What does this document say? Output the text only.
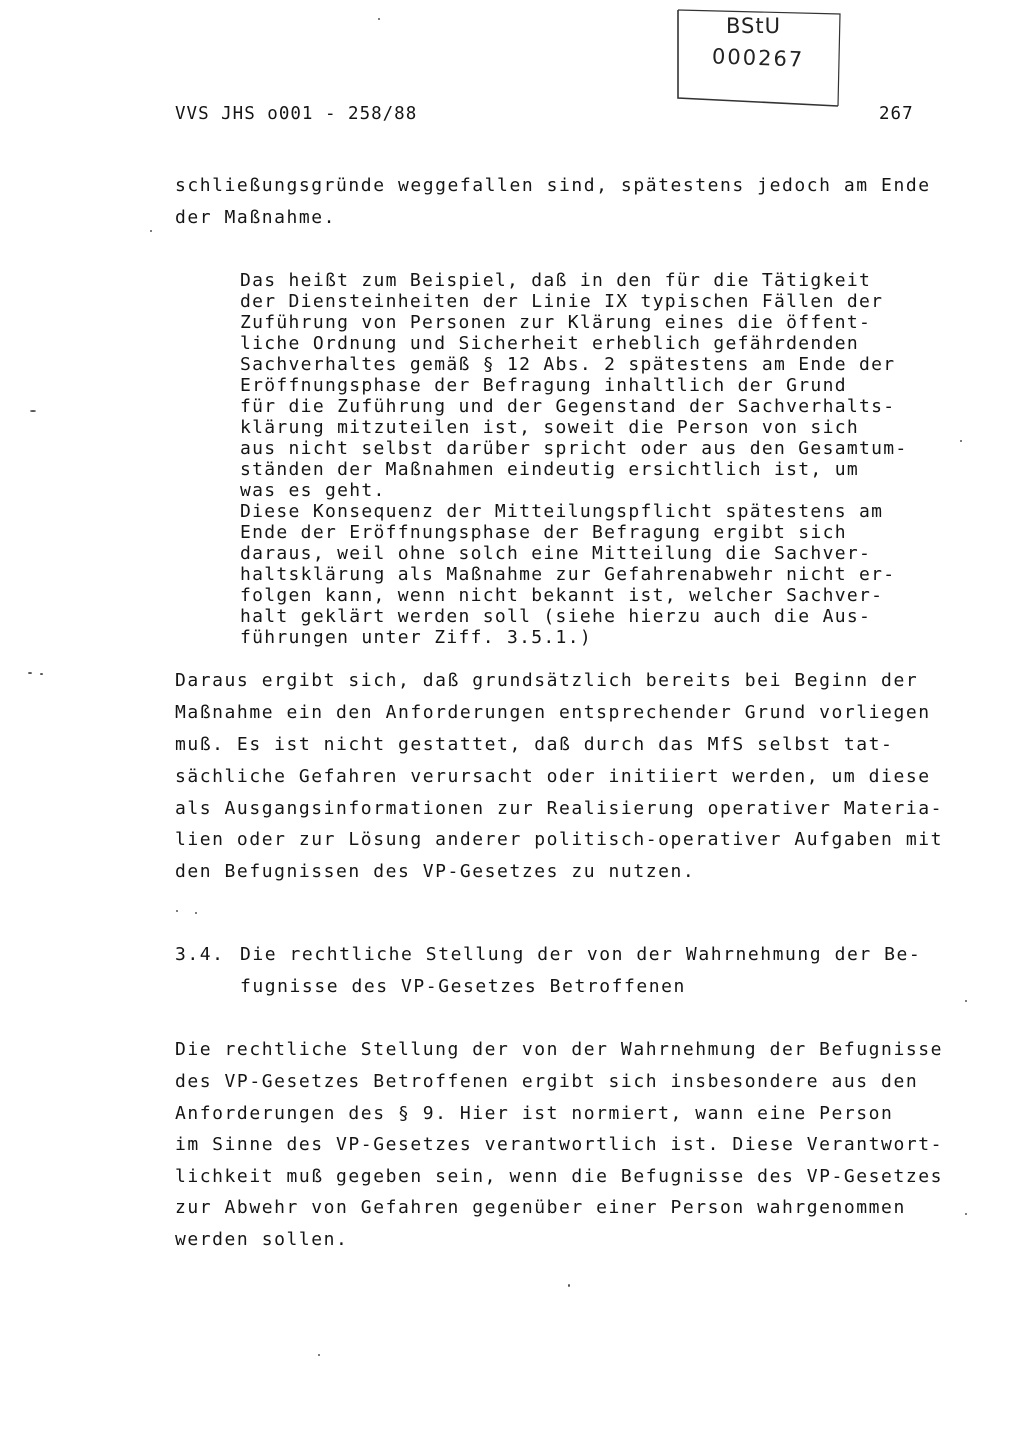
BStU
000267
VVS JHS o001 - 258/88	267
schließungsgründe weggefallen sind, spätestens jedoch am Ende
der Maßnahme.
Das heißt zum Beispiel, daß in den für die Tätigkeit
der Diensteinheiten der Linie IX typischen Fällen der
Zuführung von Personen zur Klärung eines die öffent-
liche Ordnung und Sicherheit erheblich gefährdenden
Sachverhaltes gemäß § 12 Abs. 2 spätestens am Ende der
Eröffnungsphase der Befragung inhaltlich der Grund
für die Zuführung und der Gegenstand der Sachverhalts-
klärung mitzuteilen ist, soweit die Person von sich
aus nicht selbst darüber spricht oder aus den Gesamtum-
ständen der Maßnahmen eindeutig ersichtlich ist, um
was es geht.
Diese Konsequenz der Mitteilungspflicht spätestens am
Ende der Eröffnungsphase der Befragung ergibt sich
daraus, weil ohne solch eine Mitteilung die Sachver-
haltsklärung als Maßnahme zur Gefahrenabwehr nicht er-
folgen kann, wenn nicht bekannt ist, welcher Sachver-
halt geklärt werden soll (siehe hierzu auch die Aus-
führungen unter Ziff. 3.5.1.)
Daraus ergibt sich, daß grundsätzlich bereits bei Beginn der
Maßnahme ein den Anforderungen entsprechender Grund vorliegen
muß. Es ist nicht gestattet, daß durch das MfS selbst tat-
sächliche Gefahren verursacht oder initiiert werden, um diese
als Ausgangsinformationen zur Realisierung operativer Materia-
lien oder zur Lösung anderer politisch-operativer Aufgaben mit
den Befugnissen des VP-Gesetzes zu nutzen.
3.4. Die rechtliche Stellung der von der Wahrnehmung der Be-
fugnisse des VP-Gesetzes Betroffenen
Die rechtliche Stellung der von der Wahrnehmung der Befugnisse
des VP-Gesetzes Betroffenen ergibt sich insbesondere aus den
Anforderungen des § 9. Hier ist normiert, wann eine Person
im Sinne des VP-Gesetzes verantwortlich ist. Diese Verantwort-
lichkeit muß gegeben sein, wenn die Befugnisse des VP-Gesetzes
zur Abwehr von Gefahren gegenüber einer Person wahrgenommen
werden sollen.
